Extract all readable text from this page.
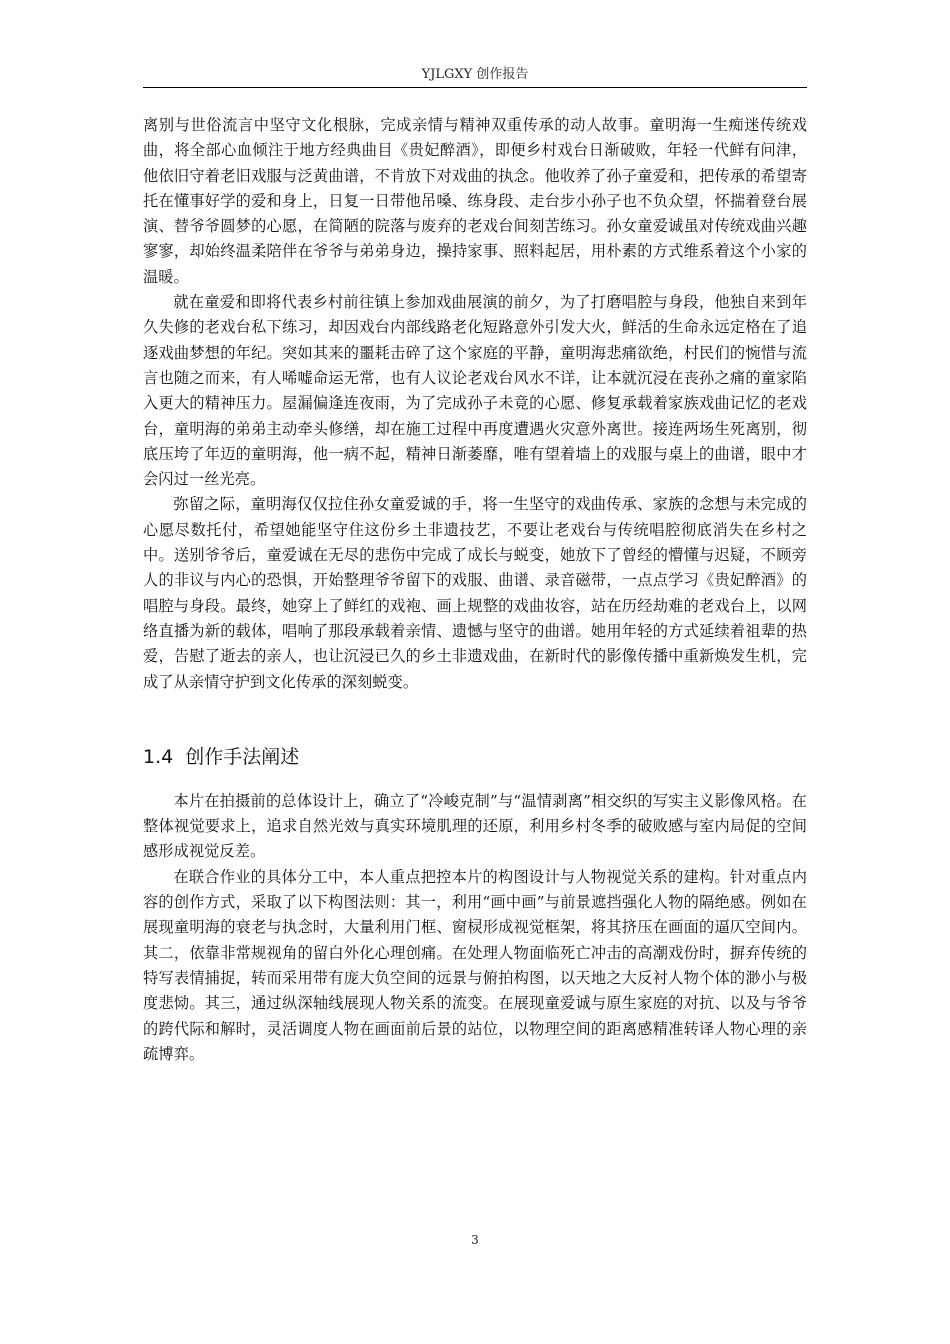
YJLGXY 创作报告

离别与世俗流言中坚守文化根脉，完成亲情与精神双重传承的动人故事。童明海一生痴迷传统戏曲，将全部心血倾注于地方经典曲目《贵妃醉酒》，即便乡村戏台日渐破败，年轻一代鲜有问津，他依旧守着老旧戏服与泛黄曲谱，不肯放下对戏曲的执念。他收养了孙子童爱和，把传承的希望寄托在懂事好学的爱和身上，日复一日带他吊嗓、练身段、走台步小孙子也不负众望，怀揣着登台展演、替爷爷圆梦的心愿，在简陋的院落与废弃的老戏台间刻苦练习。孙女童爱诚虽对传统戏曲兴趣寥寥，却始终温柔陪伴在爷爷与弟弟身边，操持家事、照料起居，用朴素的方式维系着这个小家的温暖。

就在童爱和即将代表乡村前往镇上参加戏曲展演的前夕，为了打磨唱腔与身段，他独自来到年久失修的老戏台私下练习，却因戏台内部线路老化短路意外引发大火，鲜活的生命永远定格在了追逐戏曲梦想的年纪。突如其来的噩耗击碎了这个家庭的平静，童明海悲痛欲绝，村民们的惋惜与流言也随之而来，有人唏嘘命运无常，也有人议论老戏台风水不详，让本就沉浸在丧孙之痛的童家陷入更大的精神压力。屋漏偏逢连夜雨，为了完成孙子未竟的心愿、修复承载着家族戏曲记忆的老戏台，童明海的弟弟主动牵头修缮，却在施工过程中再度遭遇火灾意外离世。接连两场生死离别，彻底压垮了年迈的童明海，他一病不起，精神日渐萎靡，唯有望着墙上的戏服与桌上的曲谱，眼中才会闪过一丝光亮。

弥留之际，童明海仅仅拉住孙女童爱诚的手，将一生坚守的戏曲传承、家族的念想与未完成的心愿尽数托付，希望她能坚守住这份乡土非遗技艺，不要让老戏台与传统唱腔彻底消失在乡村之中。送别爷爷后，童爱诚在无尽的悲伤中完成了成长与蜕变，她放下了曾经的懵懂与迟疑，不顾旁人的非议与内心的恐惧，开始整理爷爷留下的戏服、曲谱、录音磁带，一点点学习《贵妃醉酒》的唱腔与身段。最终，她穿上了鲜红的戏袍、画上规整的戏曲妆容，站在历经劫难的老戏台上，以网络直播为新的载体，唱响了那段承载着亲情、遗憾与坚守的曲谱。她用年轻的方式延续着祖辈的热爱，告慰了逝去的亲人，也让沉浸已久的乡土非遗戏曲，在新时代的影像传播中重新焕发生机，完成了从亲情守护到文化传承的深刻蜕变。

1.4 创作手法阐述

本片在拍摄前的总体设计上，确立了“冷峻克制”与“温情剥离”相交织的写实主义影像风格。在整体视觉要求上，追求自然光效与真实环境肌理的还原，利用乡村冬季的破败感与室内局促的空间感形成视觉反差。

在联合作业的具体分工中，本人重点把控本片的构图设计与人物视觉关系的建构。针对重点内容的创作方式，采取了以下构图法则：其一，利用“画中画”与前景遮挡强化人物的隔绝感。例如在展现童明海的衰老与执念时，大量利用门框、窗棂形成视觉框架，将其挤压在画面的逼仄空间内。其二，依靠非常规视角的留白外化心理创痛。在处理人物面临死亡冲击的高潮戏份时，摒弃传统的特写表情捕捉，转而采用带有庞大负空间的远景与俯拍构图，以天地之大反衬人物个体的渺小与极度悲恸。其三，通过纵深轴线展现人物关系的流变。在展现童爱诚与原生家庭的对抗、以及与爷爷的跨代际和解时，灵活调度人物在画面前后景的站位，以物理空间的距离感精准转译人物心理的亲疏博弈。

3
